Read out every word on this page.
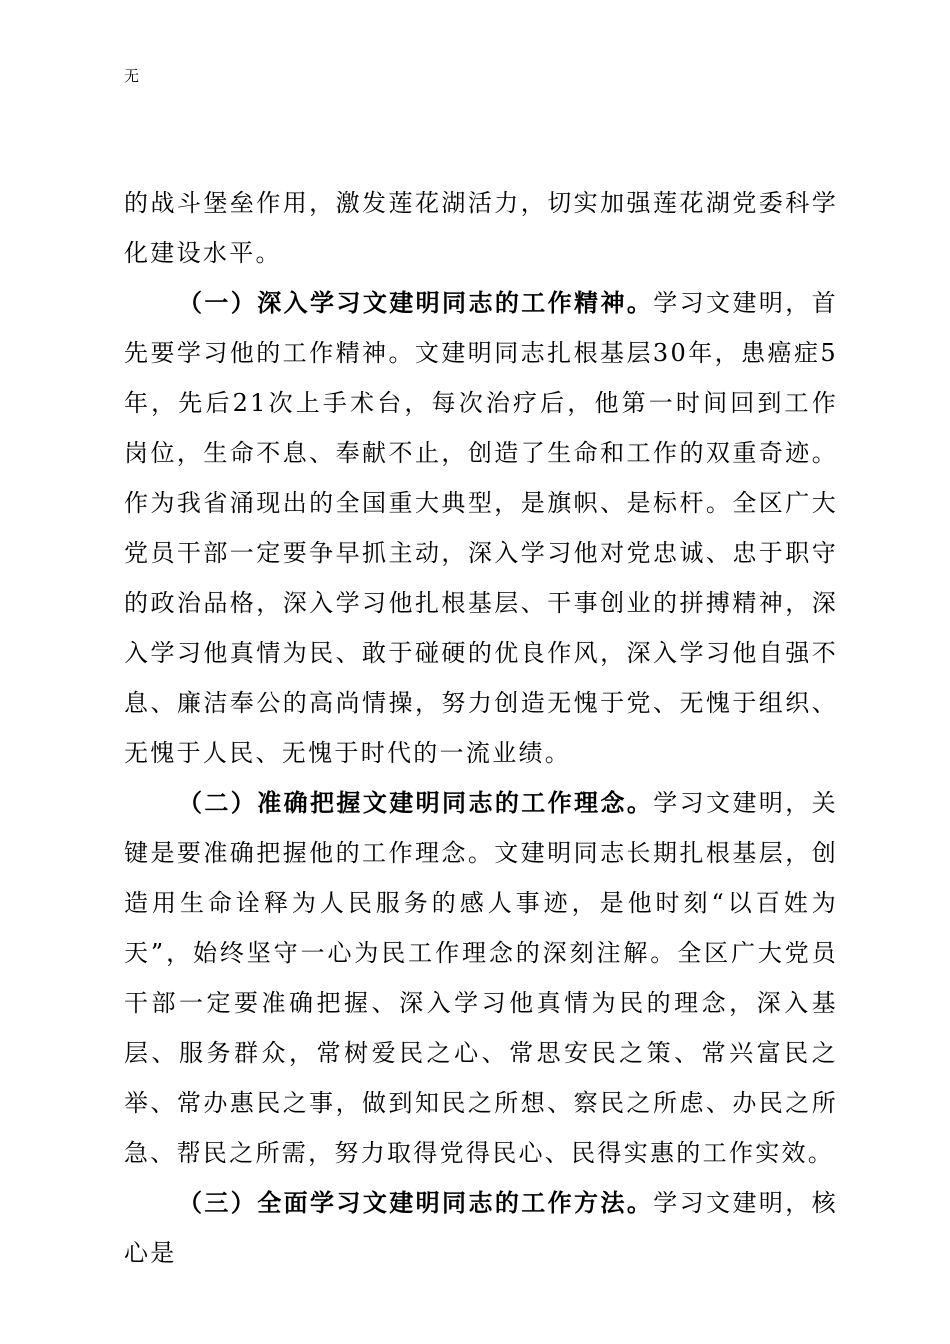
无

的战斗堡垒作用，激发莲花湖活力，切实加强莲花湖党委科学化建设水平。

（一）深入学习文建明同志的工作精神。学习文建明，首先要学习他的工作精神。文建明同志扎根基层30年，患癌症5年，先后21次上手术台，每次治疗后，他第一时间回到工作岗位，生命不息、奉献不止，创造了生命和工作的双重奇迹。作为我省涌现出的全国重大典型，是旗帜、是标杆。全区广大党员干部一定要争早抓主动，深入学习他对党忠诚、忠于职守的政治品格，深入学习他扎根基层、干事创业的拼搏精神，深入学习他真情为民、敢于碰硬的优良作风，深入学习他自强不息、廉洁奉公的高尚情操，努力创造无愧于党、无愧于组织、无愧于人民、无愧于时代的一流业绩。

（二）准确把握文建明同志的工作理念。学习文建明，关键是要准确把握他的工作理念。文建明同志长期扎根基层，创造用生命诠释为人民服务的感人事迹，是他时刻“以百姓为天”，始终坚守一心为民工作理念的深刻注解。全区广大党员干部一定要准确把握、深入学习他真情为民的理念，深入基层、服务群众，常树爱民之心、常思安民之策、常兴富民之举、常办惠民之事，做到知民之所想、察民之所虑、办民之所急、帮民之所需，努力取得党得民心、民得实惠的工作实效。

（三）全面学习文建明同志的工作方法。学习文建明，核心是
